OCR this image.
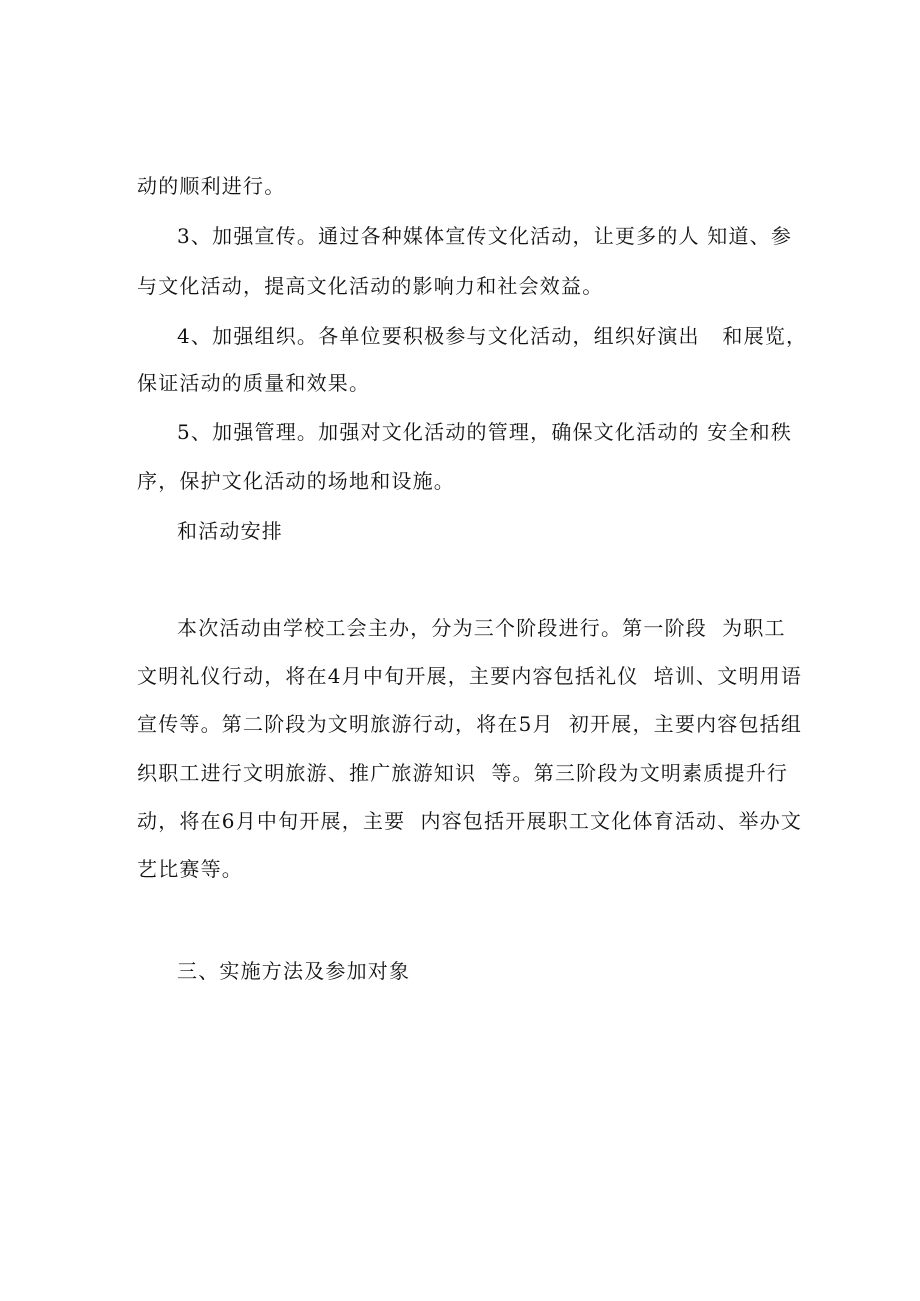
动的顺利进行。

3、加强宣传。通过各种媒体宣传文化活动，让更多的人 知道、参

与文化活动，提高文化活动的影响力和社会效益。

4、加强组织。各单位要积极参与文化活动，组织好演出   和展览，

保证活动的质量和效果。

5、加强管理。加强对文化活动的管理，确保文化活动的 安全和秩

序，保护文化活动的场地和设施。

和活动安排

本次活动由学校工会主办，分为三个阶段进行。第一阶段  为职工

文明礼仪行动，将在4月中旬开展，主要内容包括礼仪  培训、文明用语

宣传等。第二阶段为文明旅游行动，将在5月  初开展，主要内容包括组

织职工进行文明旅游、推广旅游知识  等。第三阶段为文明素质提升行

动，将在6月中旬开展，主要  内容包括开展职工文化体育活动、举办文

艺比赛等。

三、实施方法及参加对象
